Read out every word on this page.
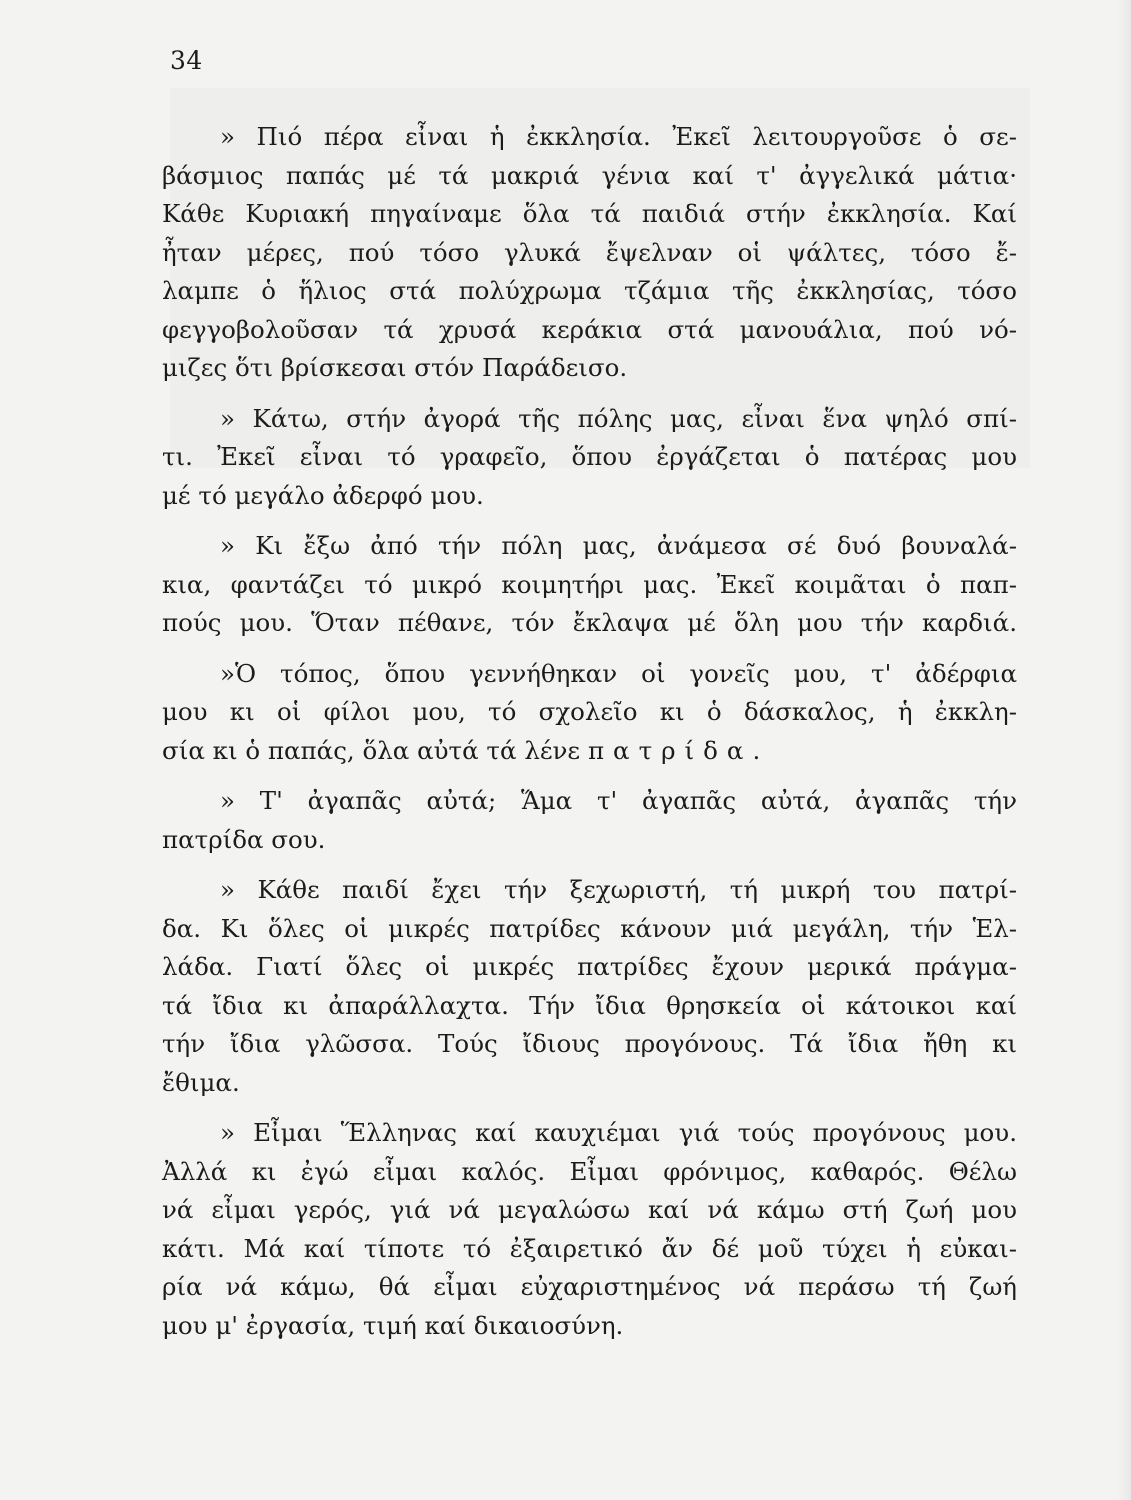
34
» Πιό πέρα εἶναι ἡ ἐκκλησία. Ἐκεῖ λειτουργοῦσε ὁ σε-
βάσμιος παπάς μέ τά μακριά γένια καί τ' ἀγγελικά μάτια·
Κάθε Κυριακή πηγαίναμε ὅλα τά παιδιά στήν ἐκκλησία. Καί
ἦταν μέρες, πού τόσο γλυκά ἔψελναν οἱ ψάλτες, τόσο ἔ-
λαμπε ὁ ἥλιος στά πολύχρωμα τζάμια τῆς ἐκκλησίας, τόσο
φεγγοβολοῦσαν τά χρυσά κεράκια στά μανουάλια, πού νό-
μιζες ὅτι βρίσκεσαι στόν Παράδεισο.
» Κάτω, στήν ἀγορά τῆς πόλης μας, εἶναι ἕνα ψηλό σπί-
τι. Ἐκεῖ εἶναι τό γραφεῖο, ὅπου ἐργάζεται ὁ πατέρας μου
μέ τό μεγάλο ἀδερφό μου.
» Κι ἔξω ἀπό τήν πόλη μας, ἀνάμεσα σέ δυό βουναλά-
κια, φαντάζει τό μικρό κοιμητήρι μας. Ἐκεῖ κοιμᾶται ὁ παπ-
πούς μου. Ὅταν πέθανε, τόν ἔκλαψα μέ ὅλη μου τήν καρδιά.
»Ὁ τόπος, ὅπου γεννήθηκαν οἱ γονεῖς μου, τ' ἀδέρφια
μου κι οἱ φίλοι μου, τό σχολεῖο κι ὁ δάσκαλος, ἡ ἐκκλη-
σία κι ὁ παπάς, ὅλα αὐτά τά λένε πατρίδα.
» Τ' ἀγαπᾶς αὐτά; Ἅμα τ' ἀγαπᾶς αὐτά, ἀγαπᾶς τήν
πατρίδα σου.
» Κάθε παιδί ἔχει τήν ξεχωριστή, τή μικρή του πατρί-
δα. Κι ὅλες οἱ μικρές πατρίδες κάνουν μιά μεγάλη, τήν Ἑλ-
λάδα. Γιατί ὅλες οἱ μικρές πατρίδες ἔχουν μερικά πράγμα-
τά ἴδια κι ἀπαράλλαχτα. Τήν ἴδια θρησκεία οἱ κάτοικοι καί
τήν ἴδια γλῶσσα. Τούς ἴδιους προγόνους. Τά ἴδια ἤθη κι
ἔθιμα.
» Εἶμαι Ἕλληνας καί καυχιέμαι γιά τούς προγόνους μου.
Ἀλλά κι ἐγώ εἶμαι καλός. Εἶμαι φρόνιμος, καθαρός. Θέλω
νά εἶμαι γερός, γιά νά μεγαλώσω καί νά κάμω στή ζωή μου
κάτι. Μά καί τίποτε τό ἐξαιρετικό ἄν δέ μοῦ τύχει ἡ εὐκαι-
ρία νά κάμω, θά εἶμαι εὐχαριστημένος νά περάσω τή ζωή
μου μ' ἐργασία, τιμή καί δικαιοσύνη.
